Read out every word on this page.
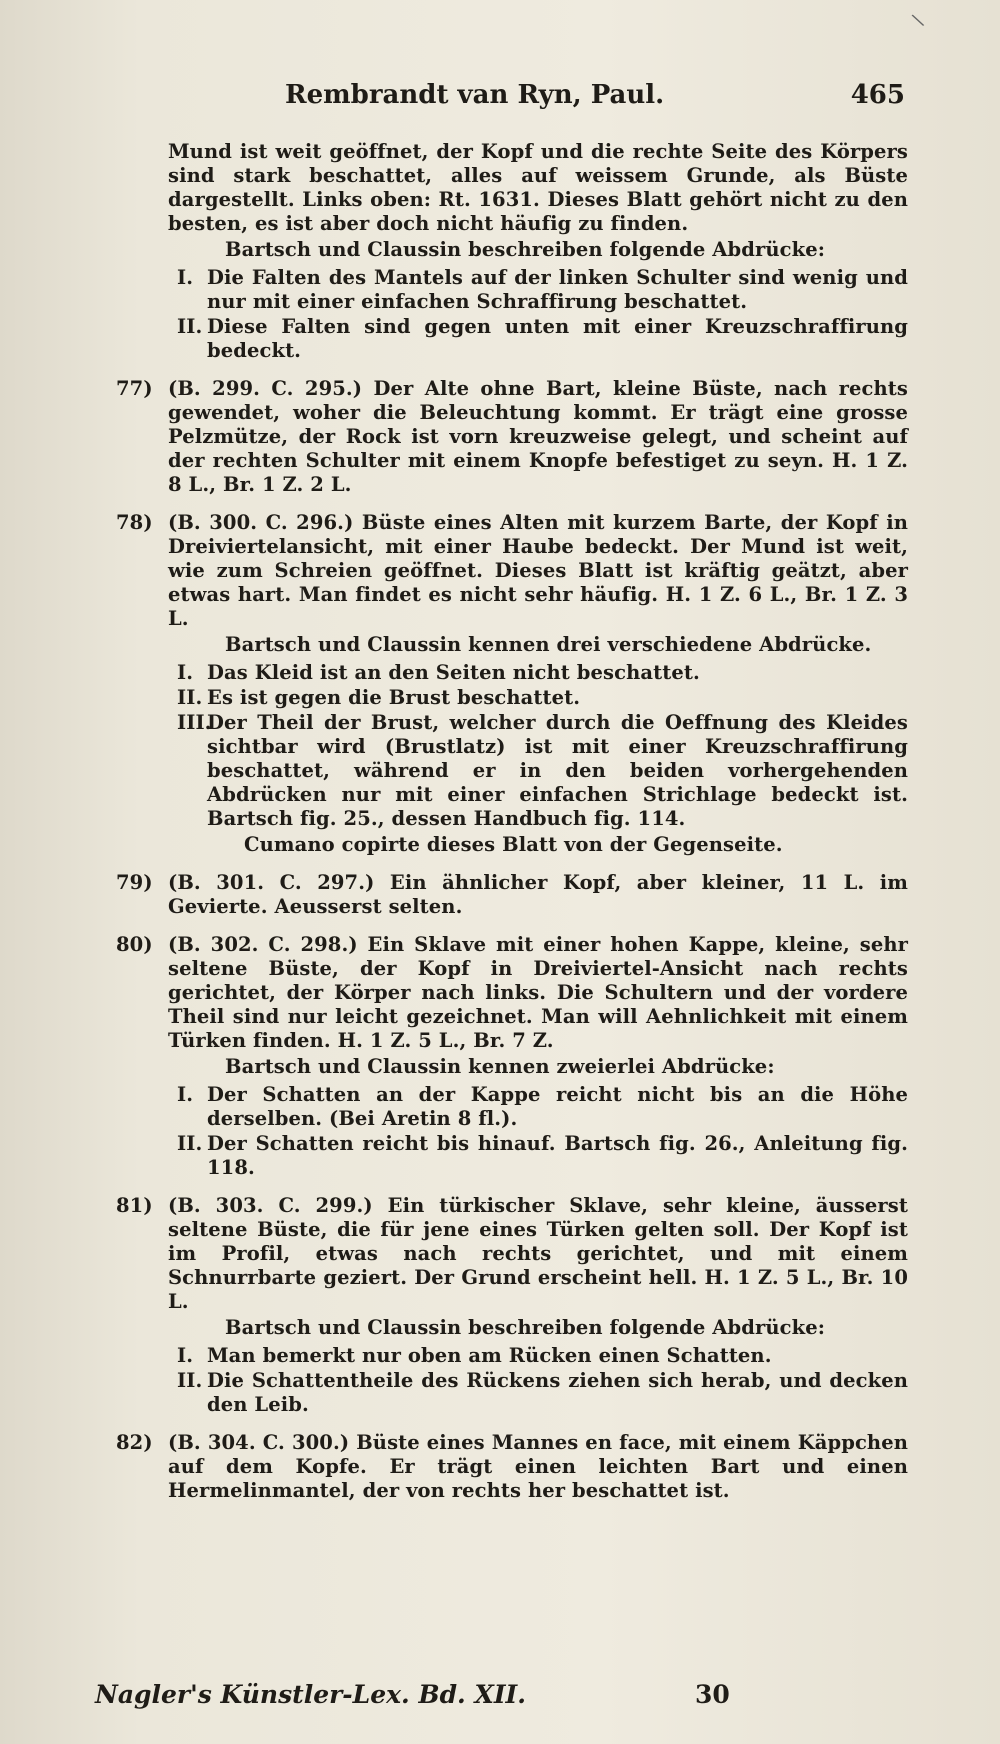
\
Rembrandt van Ryn, Paul.	465

Mund ist weit geöffnet, der Kopf und die rechte Seite des Körpers sind stark beschattet, alles auf weissem Grunde, als Büste dargestellt. Links oben: Rt. 1631. Dieses Blatt gehört nicht zu den besten, es ist aber doch nicht häufig zu finden.

Bartsch und Claussin beschreiben folgende Abdrücke:

I. Die Falten des Mantels auf der linken Schulter sind wenig und nur mit einer einfachen Schraffirung beschattet.
II. Diese Falten sind gegen unten mit einer Kreuzschraffirung bedeckt.
77) (B. 299. C. 295.) Der Alte ohne Bart, kleine Büste, nach rechts gewendet, woher die Beleuchtung kommt. Er trägt eine grosse Pelzmütze, der Rock ist vorn kreuzweise gelegt, und scheint auf der rechten Schulter mit einem Knopfe befestiget zu seyn. H. 1 Z. 8 L., Br. 1 Z. 2 L.

78) (B. 300. C. 296.) Büste eines Alten mit kurzem Barte, der Kopf in Dreiviertelansicht, mit einer Haube bedeckt. Der Mund ist weit, wie zum Schreien geöffnet. Dieses Blatt ist kräftig geätzt, aber etwas hart. Man findet es nicht sehr häufig. H. 1 Z. 6 L., Br. 1 Z. 3 L.

Bartsch und Claussin kennen drei verschiedene Abdrücke.

I. Das Kleid ist an den Seiten nicht beschattet.
II. Es ist gegen die Brust beschattet.
III.
Der Theil der Brust, welcher durch die Oeffnung des Kleides sichtbar wird (Brustlatz) ist mit einer Kreuzschraffirung beschattet, während er in den beiden vorhergehenden Abdrücken nur mit einer einfachen Strichlage bedeckt ist. Bartsch fig. 25., dessen Handbuch fig. 114.

Cumano copirte dieses Blatt von der Gegenseite.

79) (B. 301. C. 297.) Ein ähnlicher Kopf, aber kleiner, 11 L. im Gevierte. Aeusserst selten.

80) (B. 302. C. 298.) Ein Sklave mit einer hohen Kappe, kleine, sehr seltene Büste, der Kopf in Dreiviertel-Ansicht nach rechts gerichtet, der Körper nach links. Die Schultern und der vordere Theil sind nur leicht gezeichnet. Man will Aehnlichkeit mit einem Türken finden. H. 1 Z. 5 L., Br. 7 Z.

Bartsch und Claussin kennen zweierlei Abdrücke:

I. Der Schatten an der Kappe reicht nicht bis an die Höhe derselben. (Bei Aretin 8 fl.).
II. Der Schatten reicht bis hinauf. Bartsch fig. 26., Anleitung fig. 118.
81) (B. 303. C. 299.) Ein türkischer Sklave, sehr kleine, äusserst seltene Büste, die für jene eines Türken gelten soll. Der Kopf ist im Profil, etwas nach rechts gerichtet, und mit einem Schnurrbarte geziert. Der Grund erscheint hell. H. 1 Z. 5 L., Br. 10 L.

Bartsch und Claussin beschreiben folgende Abdrücke:

I. Man bemerkt nur oben am Rücken einen Schatten.
II. Die Schattentheile des Rückens ziehen sich herab, und decken den Leib.
82) (B. 304. C. 300.) Büste eines Mannes en face, mit einem Käppchen auf dem Kopfe. Er trägt einen leichten Bart und einen Hermelinmantel, der von rechts her beschattet ist.

Nagler's Künstler-Lex. Bd. XII.	30
